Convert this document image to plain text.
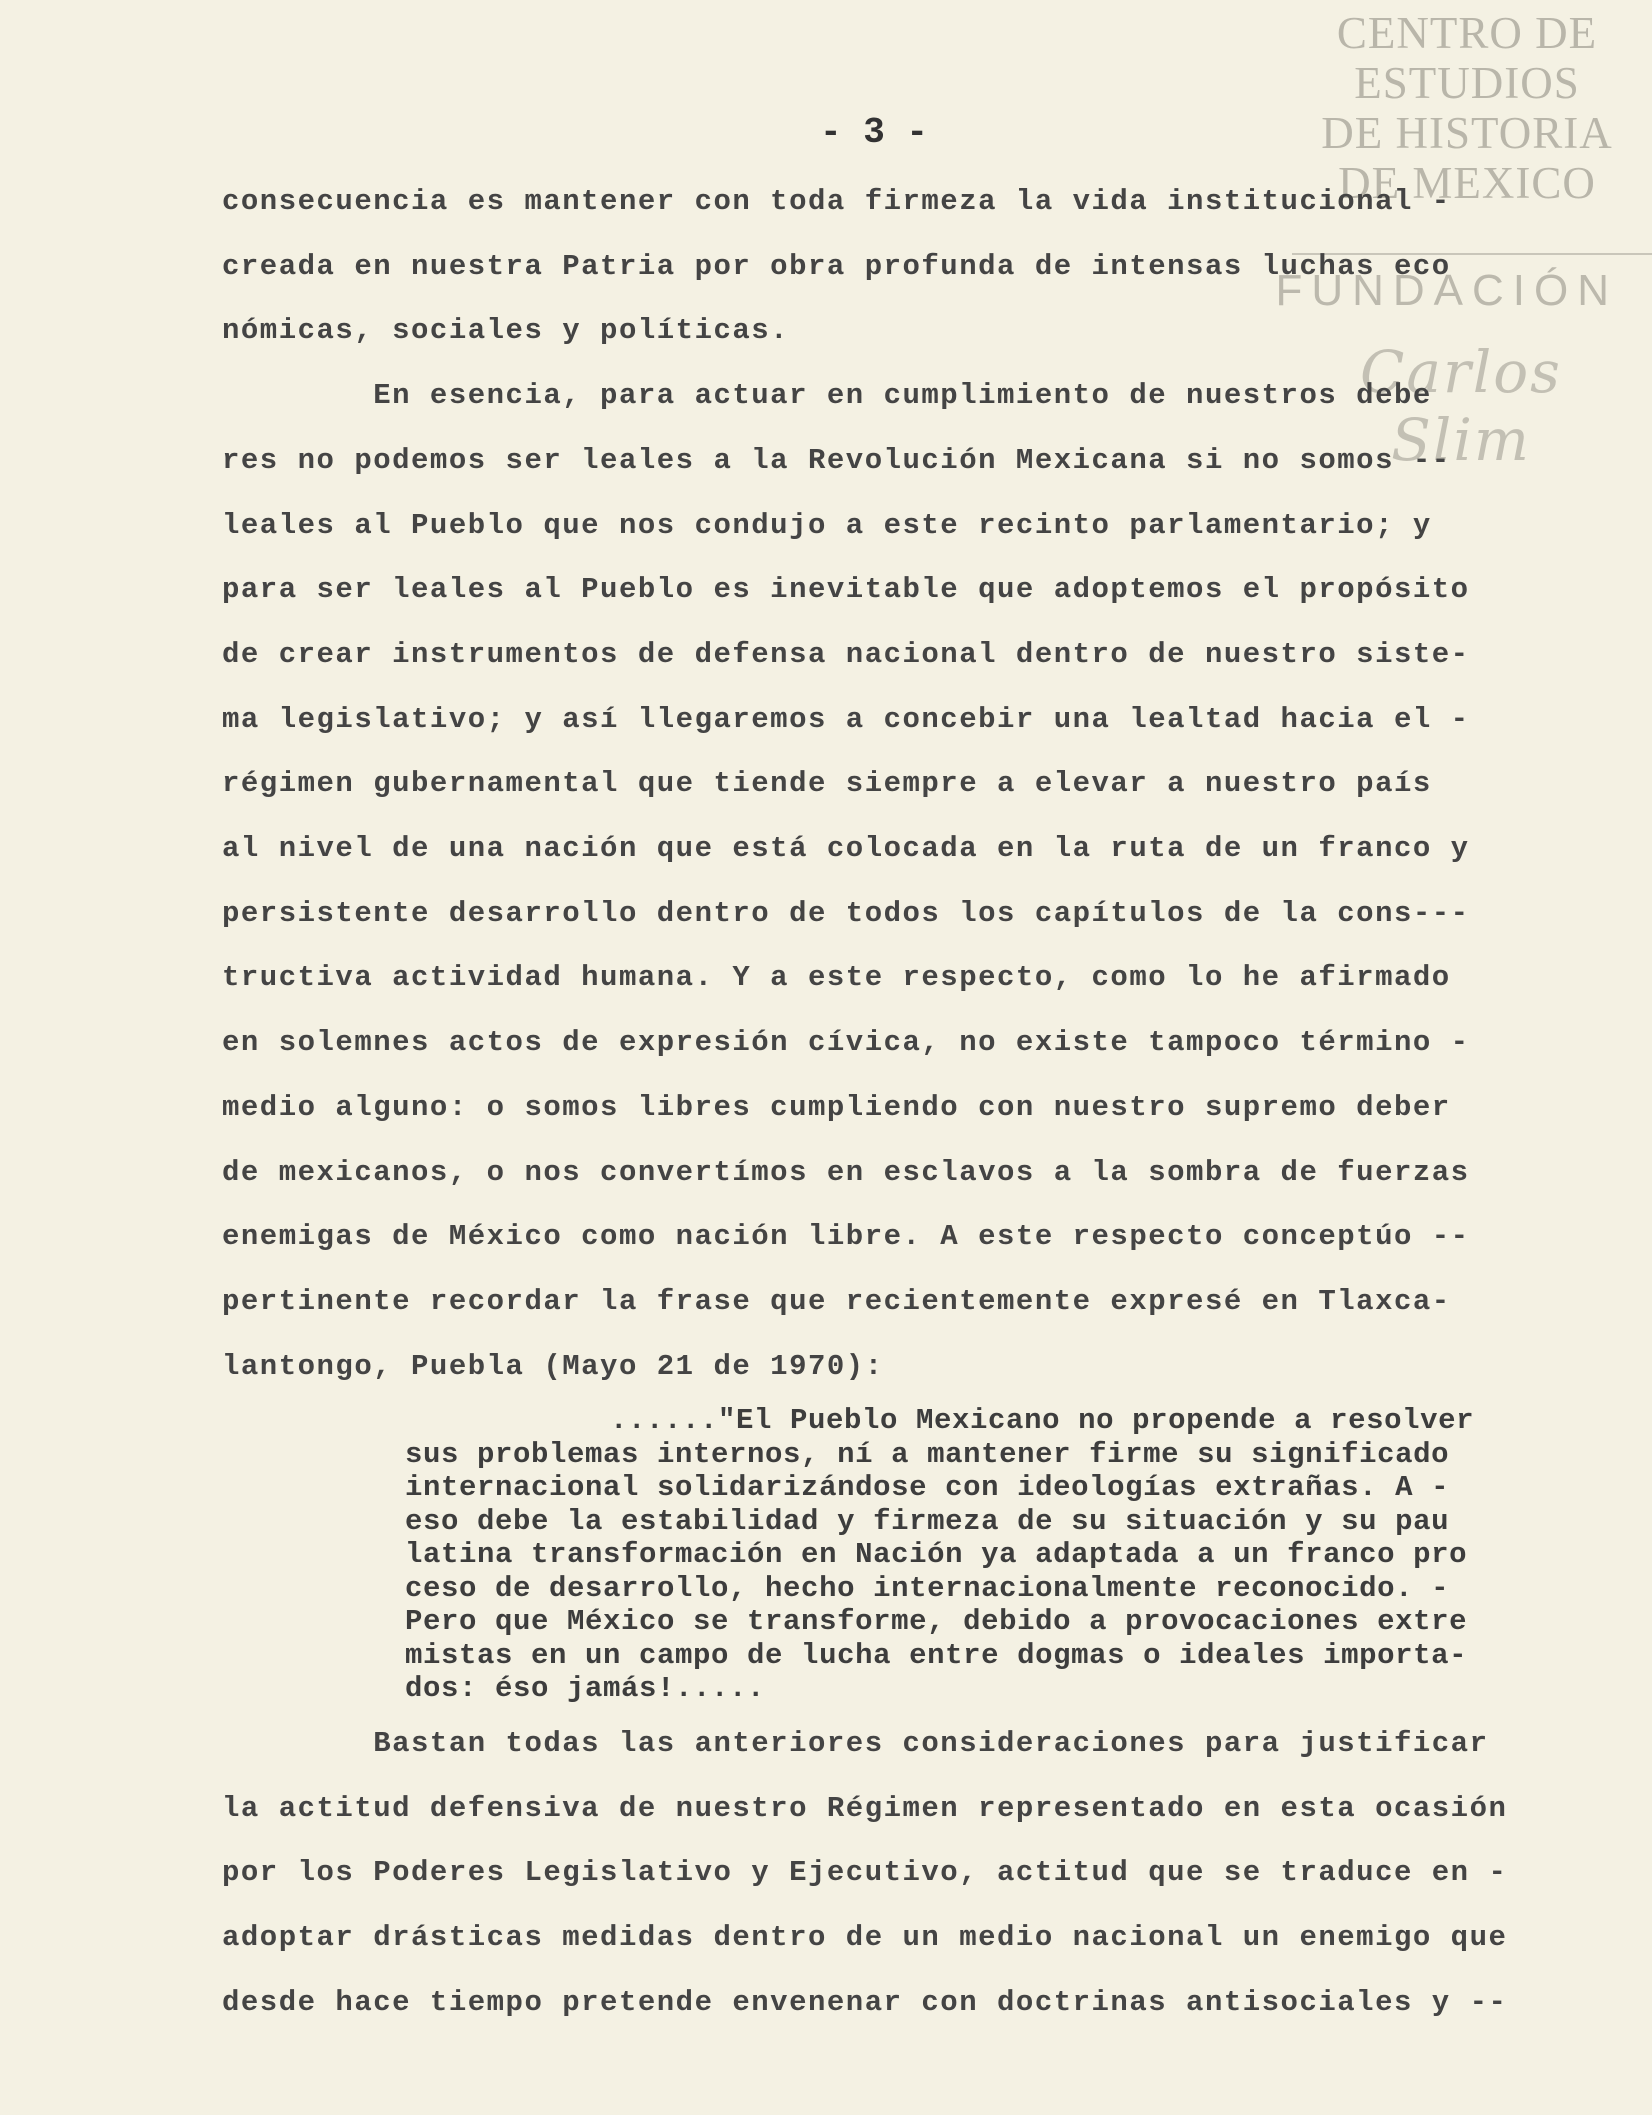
CENTRO DE
ESTUDIOS
DE HISTORIA
DE MEXICO
FUNDACIÓN
Carlos Slim
- 3 -
consecuencia es mantener con toda firmeza la vida institucional -
creada en nuestra Patria por obra profunda de intensas luchas eco
nómicas, sociales y políticas.
En esencia, para actuar en cumplimiento de nuestros debe
res no podemos ser leales a la Revolución Mexicana si no somos --
leales al Pueblo que nos condujo a este recinto parlamentario; y
para ser leales al Pueblo es inevitable que adoptemos el propósito
de crear instrumentos de defensa nacional dentro de nuestro siste-
ma legislativo; y así llegaremos a concebir una lealtad hacia el -
régimen gubernamental que tiende siempre a elevar a nuestro país
al nivel de una nación que está colocada en la ruta de un franco y
persistente desarrollo dentro de todos los capítulos de la cons---
tructiva actividad humana. Y a este respecto, como lo he afirmado
en solemnes actos de expresión cívica, no existe tampoco término -
medio alguno: o somos libres cumpliendo con nuestro supremo deber
de mexicanos, o nos convertímos en esclavos a la sombra de fuerzas
enemigas de México como nación libre. A este respecto conceptúo --
pertinente recordar la frase que recientemente expresé en Tlaxca-
lantongo, Puebla (Mayo 21 de 1970):
......"El Pueblo Mexicano no propende a resolver
sus problemas internos, ní a mantener firme su significado
internacional solidarizándose con ideologías extrañas. A -
eso debe la estabilidad y firmeza de su situación y su pau
latina transformación en Nación ya adaptada a un franco pro
ceso de desarrollo, hecho internacionalmente reconocido. -
Pero que México se transforme, debido a provocaciones extre
mistas en un campo de lucha entre dogmas o ideales importa-
dos: éso jamás!.....
Bastan todas las anteriores consideraciones para justificar
la actitud defensiva de nuestro Régimen representado en esta ocasión
por los Poderes Legislativo y Ejecutivo, actitud que se traduce en -
adoptar drásticas medidas dentro de un medio nacional un enemigo que
desde hace tiempo pretende envenenar con doctrinas antisociales y --
